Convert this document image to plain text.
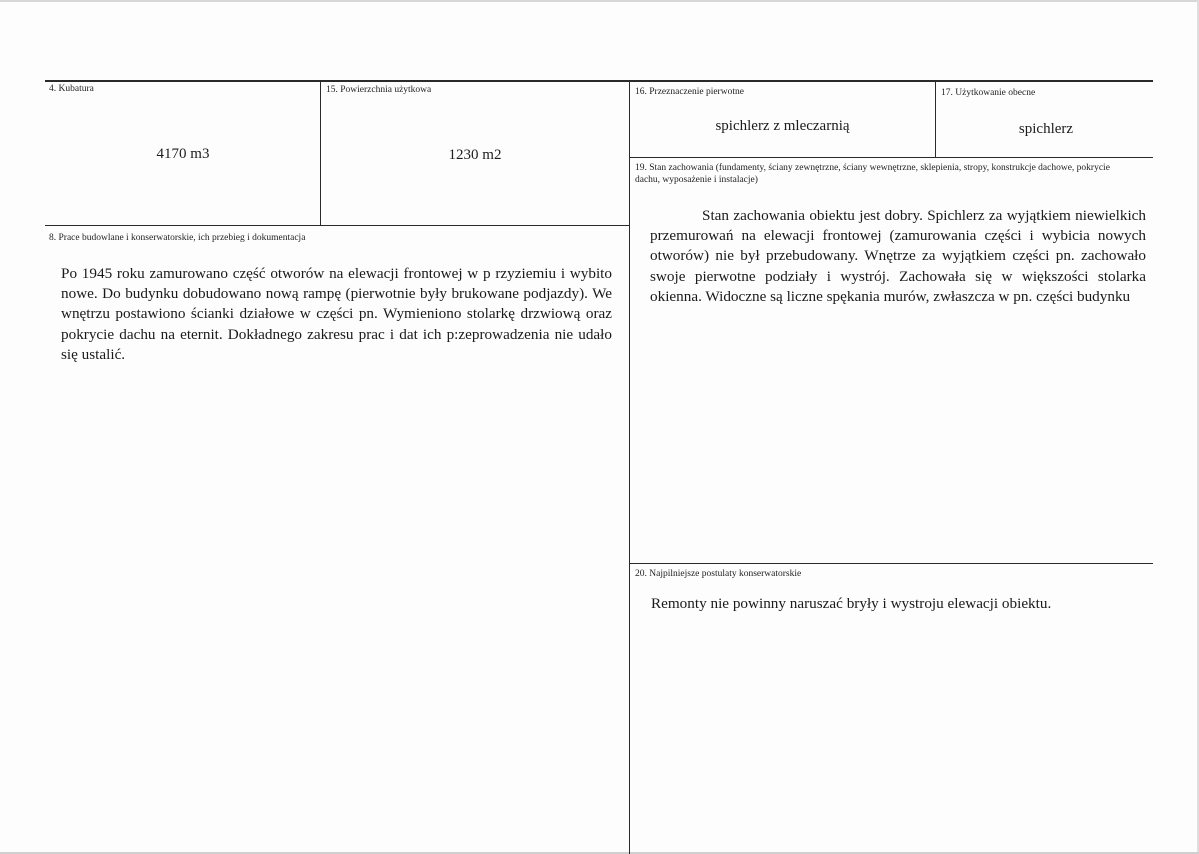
4. Kubatura
4170 m3
15. Powierzchnia użytkowa
1230 m2
16. Przeznaczenie pierwotne
spichlerz z mleczarnią
17. Użytkowanie obecne
spichlerz
19. Stan zachowania (fundamenty, ściany zewnętrzne, ściany wewnętrzne, sklepienia, stropy, konstrukcje dachowe, pokrycie dachu, wyposażenie i instalacje)

Stan zachowania obiektu jest dobry. Spichlerz za wyjątkiem niewielkich przemurowań na elewacji frontowej (zamurowania części i wybicia nowych otworów) nie był przebudowany. Wnętrze za wyjątkiem części pn. zachowało swoje pierwotne podziały i wystrój. Zachowała się w większości stolarka okienna. Widoczne są liczne spękania murów, zwłaszcza w pn. części budynku

8. Prace budowlane i konserwatorskie, ich przebieg i dokumentacja

Po 1945 roku zamurowano część otworów na elewacji frontowej w p rzyziemiu i wybito nowe. Do budynku dobudowano nową rampę (pierwotnie były brukowane podjazdy). We wnętrzu postawiono ścianki działowe w części pn. Wymieniono stolarkę drzwiową oraz pokrycie dachu na eternit. Dokładnego zakresu prac i dat ich p:zeprowadzenia nie udało się ustalić.

20. Najpilniejsze postulaty konserwatorskie

Remonty nie powinny naruszać bryły i wystroju elewacji obiektu.
